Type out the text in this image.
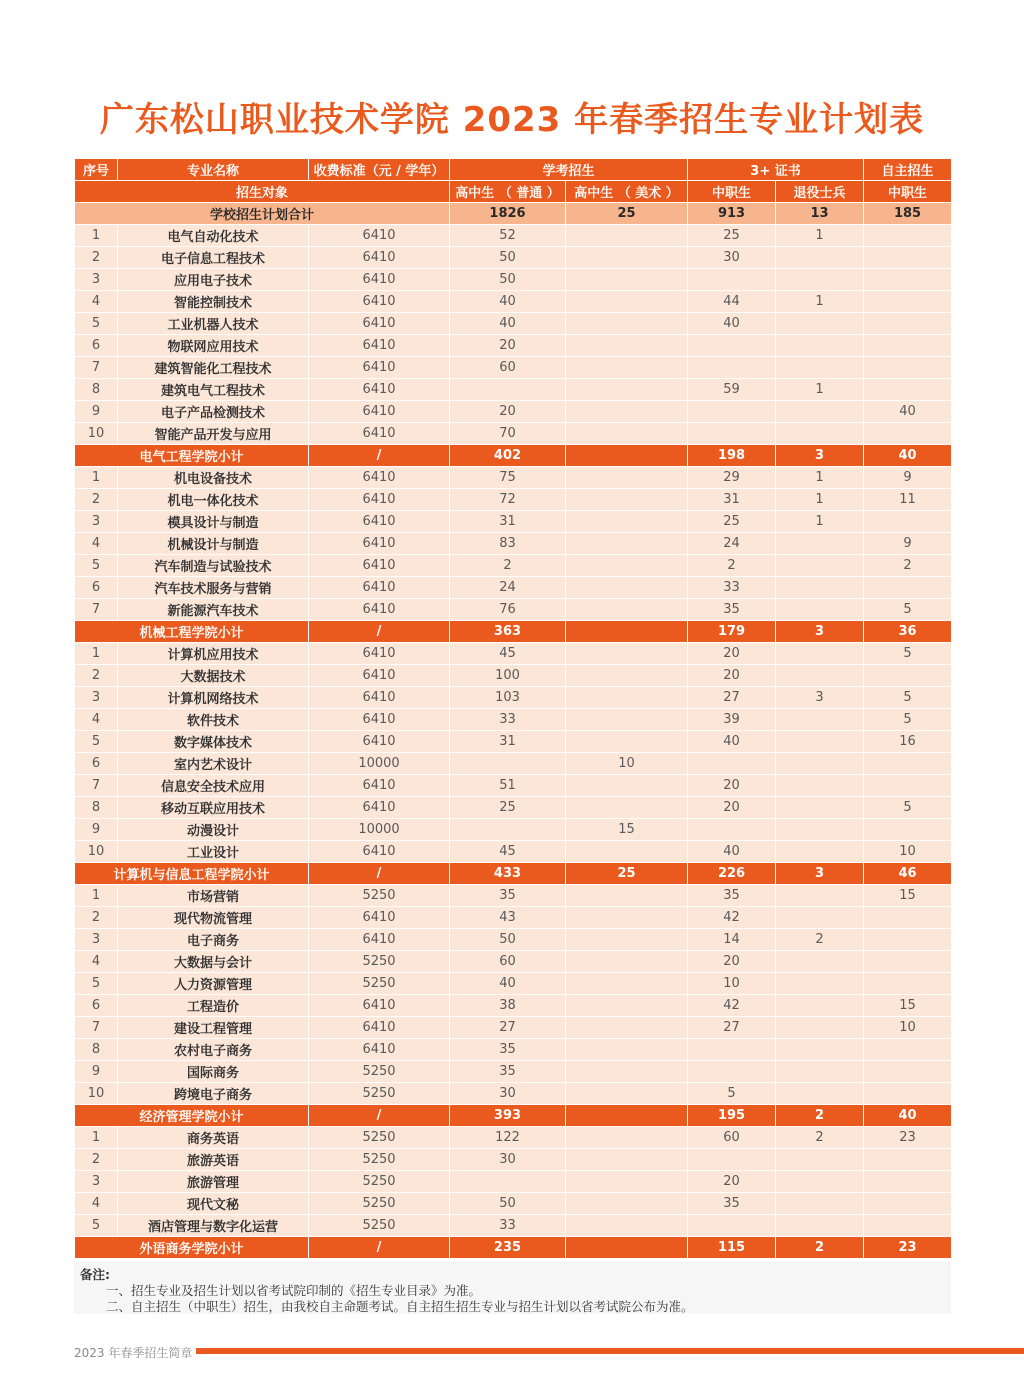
广东松山职业技术学院 2023 年春季招生专业计划表
序号	专业名称	收费标准（元 / 学年）	学考招生		3+ 证书		自主招生
招生对象			高中生 （ 普通 ）	高中生 （ 美术 ）	中职生	退役士兵	中职生
学校招生计划合计			1826	25	913	13	185
1	电气自动化技术	6410	52		25	1	
2	电子信息工程技术	6410	50		30		
3	应用电子技术	6410	50				
4	智能控制技术	6410	40		44	1	
5	工业机器人技术	6410	40		40		
6	物联网应用技术	6410	20				
7	建筑智能化工程技术	6410	60				
8	建筑电气工程技术	6410			59	1	
9	电子产品检测技术	6410	20				40
10	智能产品开发与应用	6410	70				
电气工程学院小计		/	402		198	3	40
1	机电设备技术	6410	75		29	1	9
2	机电一体化技术	6410	72		31	1	11
3	模具设计与制造	6410	31		25	1	
4	机械设计与制造	6410	83		24		9
5	汽车制造与试验技术	6410	2		2		2
6	汽车技术服务与营销	6410	24		33		
7	新能源汽车技术	6410	76		35		5
机械工程学院小计		/	363		179	3	36
1	计算机应用技术	6410	45		20		5
2	大数据技术	6410	100		20		
3	计算机网络技术	6410	103		27	3	5
4	软件技术	6410	33		39		5
5	数字媒体技术	6410	31		40		16
6	室内艺术设计	10000		10			
7	信息安全技术应用	6410	51		20		
8	移动互联应用技术	6410	25		20		5
9	动漫设计	10000		15			
10	工业设计	6410	45		40		10
计算机与信息工程学院小计		/	433	25	226	3	46
1	市场营销	5250	35		35		15
2	现代物流管理	6410	43		42		
3	电子商务	6410	50		14	2	
4	大数据与会计	5250	60		20		
5	人力资源管理	5250	40		10		
6	工程造价	6410	38		42		15
7	建设工程管理	6410	27		27		10
8	农村电子商务	6410	35				
9	国际商务	5250	35				
10	跨境电子商务	5250	30		5		
经济管理学院小计		/	393		195	2	40
1	商务英语	5250	122		60	2	23
2	旅游英语	5250	30				
3	旅游管理	5250			20		
4	现代文秘	5250	50		35		
5	酒店管理与数字化运营	5250	33				
外语商务学院小计		/	235		115	2	23
备注:
一、招生专业及招生计划以省考试院印制的《招生专业目录》为准。
二、自主招生（中职生）招生，由我校自主命题考试。自主招生招生专业与招生计划以省考试院公布为准。
2023 年春季招生简章
